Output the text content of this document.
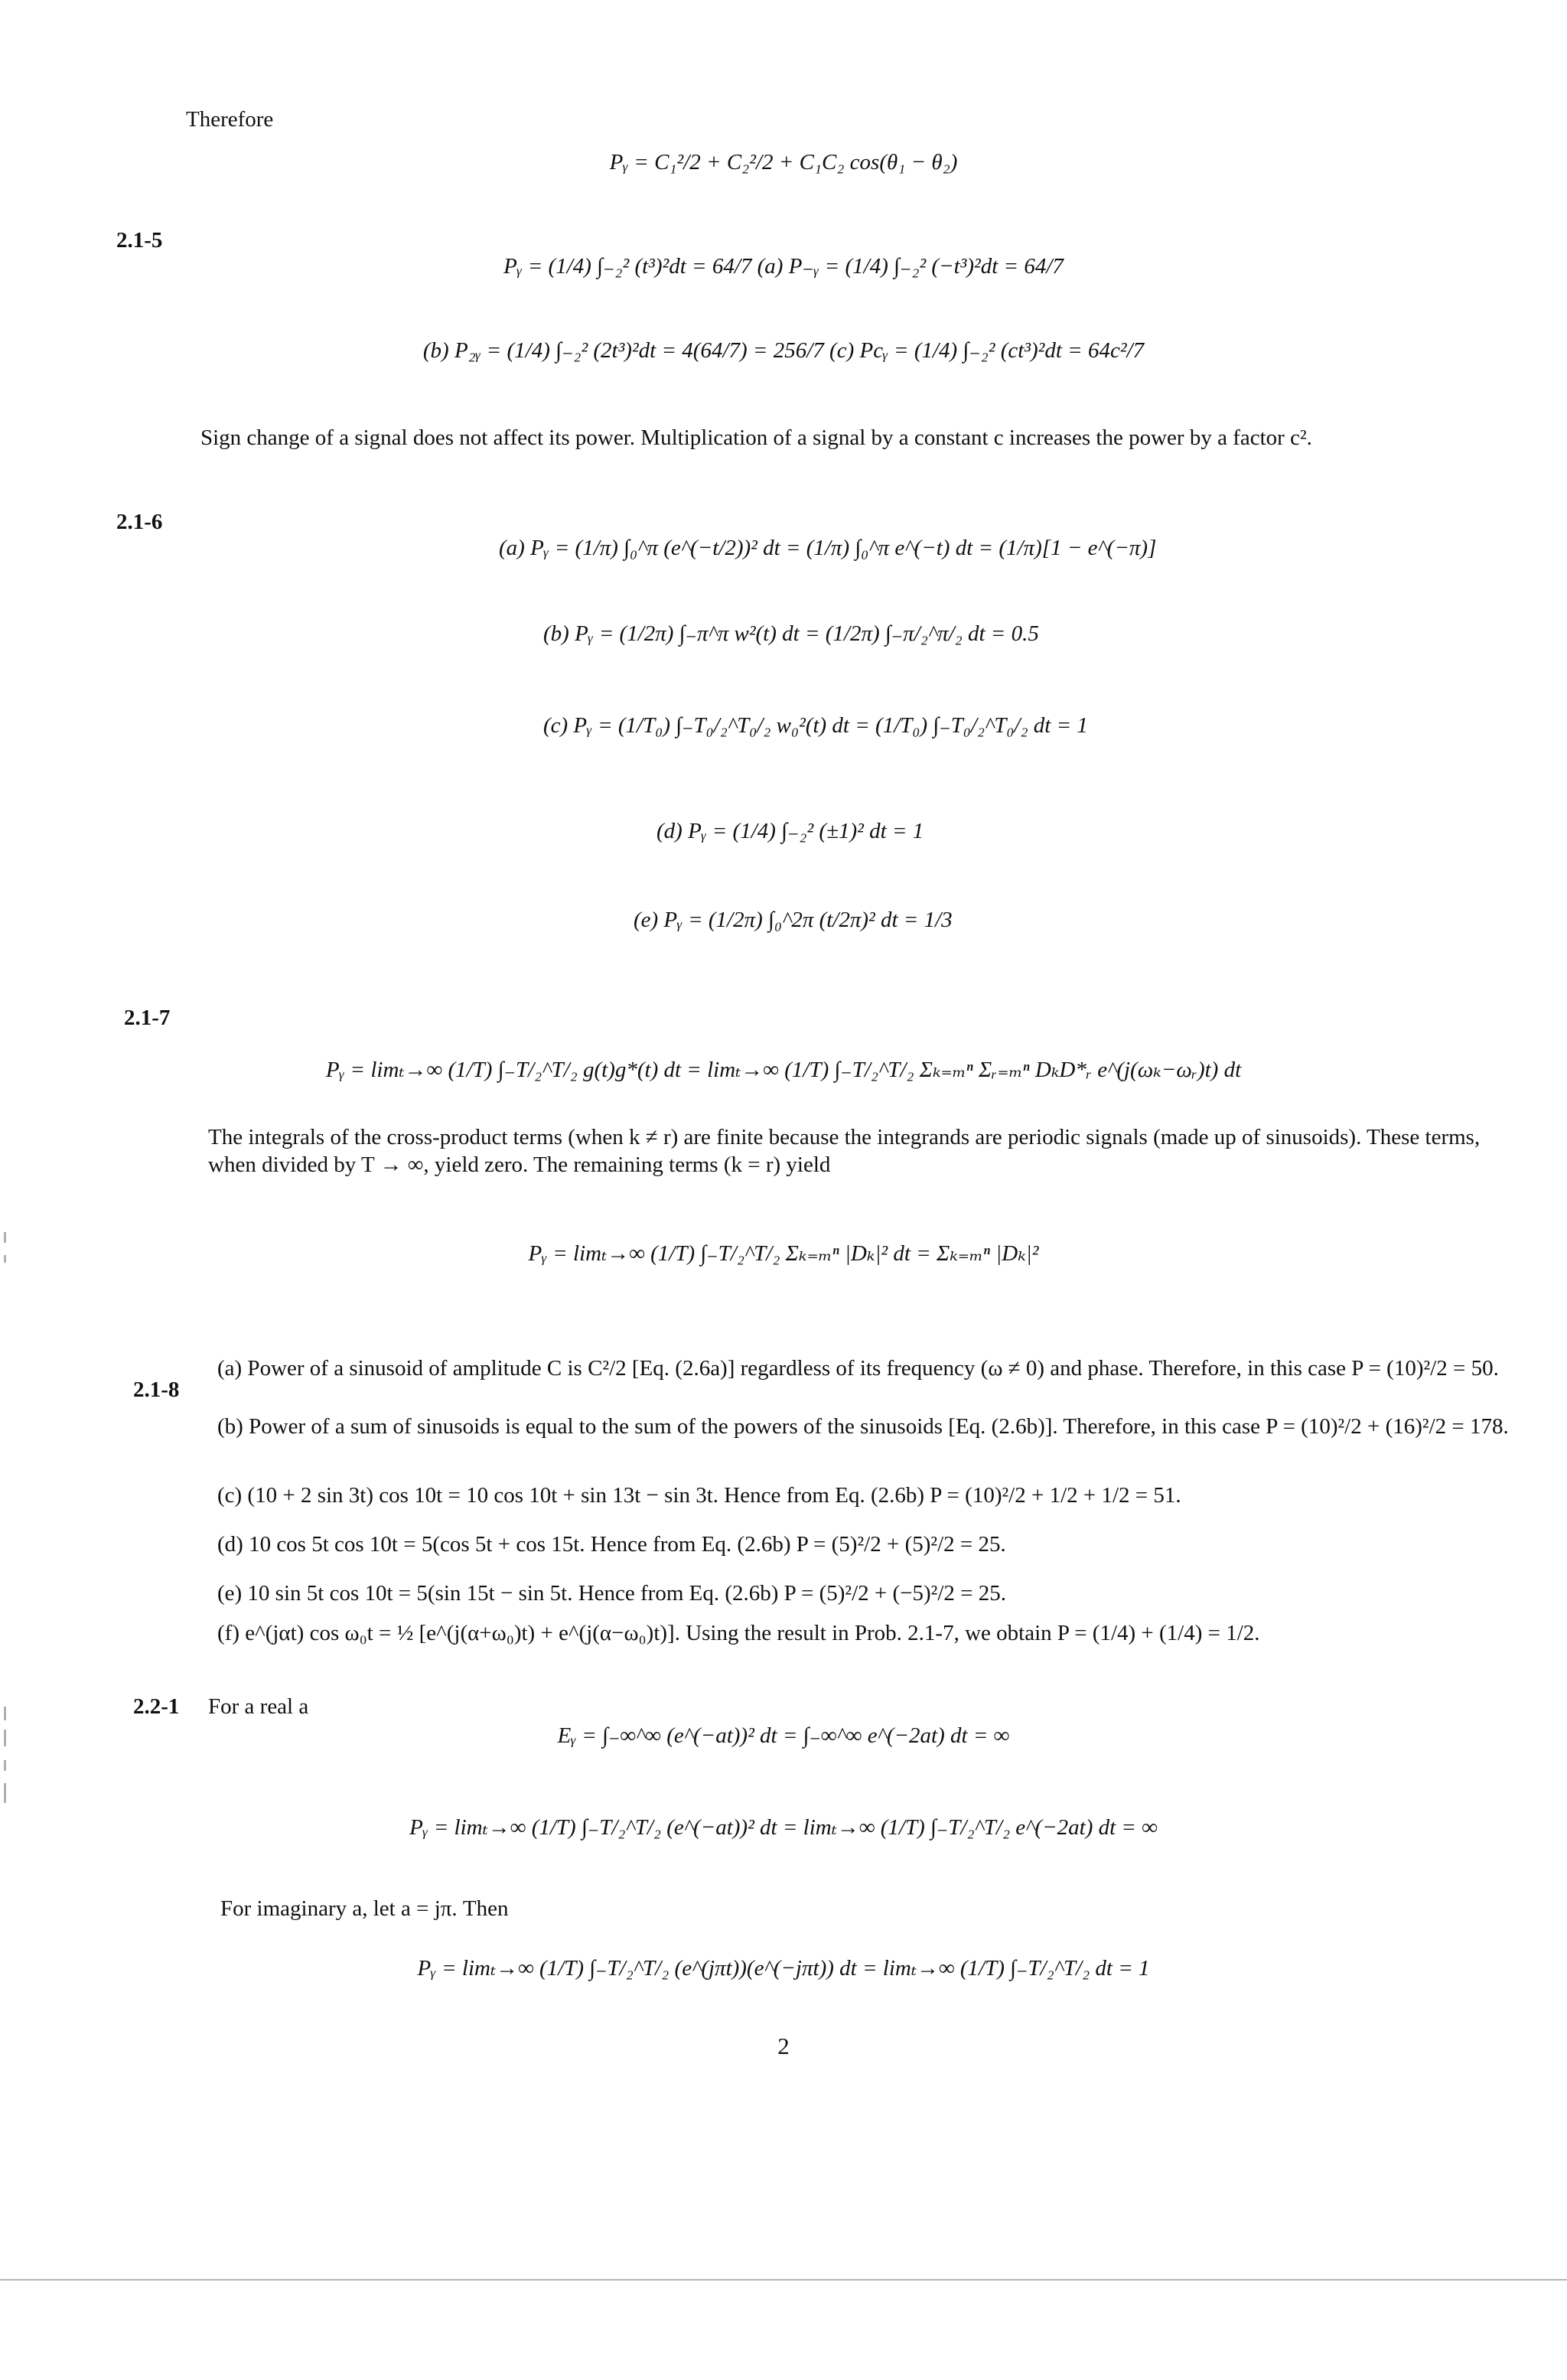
Therefore
Pᵧ = C₁²/2 + C₂²/2 + C₁C₂ cos(θ₁ − θ₂)
2.1-5
Pᵧ = (1/4) ∫₋₂² (t³)²dt = 64/7 (a) P₋ᵧ = (1/4) ∫₋₂² (−t³)²dt = 64/7
(b) P₂ᵧ = (1/4) ∫₋₂² (2t³)²dt = 4(64/7) = 256/7 (c) Pcᵧ = (1/4) ∫₋₂² (ct³)²dt = 64c²/7
Sign change of a signal does not affect its power. Multiplication of a signal by a constant c increases the power by a factor c².
2.1-6
(a) Pᵧ = (1/π) ∫₀^π (e^(−t/2))² dt = (1/π) ∫₀^π e^(−t) dt = (1/π)[1 − e^(−π)]
(b) Pᵧ = (1/2π) ∫₋π^π w²(t) dt = (1/2π) ∫₋π/₂^π/₂ dt = 0.5
(c) Pᵧ = (1/T₀) ∫₋T₀/₂^T₀/₂ w₀²(t) dt = (1/T₀) ∫₋T₀/₂^T₀/₂ dt = 1
(d) Pᵧ = (1/4) ∫₋₂² (±1)² dt = 1
(e) Pᵧ = (1/2π) ∫₀^2π (t/2π)² dt = 1/3
2.1-7
Pᵧ = limₜ→∞ (1/T) ∫₋T/₂^T/₂ g(t)g*(t) dt = limₜ→∞ (1/T) ∫₋T/₂^T/₂ Σₖ₌ₘⁿ Σᵣ₌ₘⁿ DₖD*ᵣ e^(j(ωₖ−ωᵣ)t) dt
The integrals of the cross-product terms (when k ≠ r) are finite because the integrands are periodic signals (made up of sinusoids). These terms, when divided by T → ∞, yield zero. The remaining terms (k = r) yield
Pᵧ = limₜ→∞ (1/T) ∫₋T/₂^T/₂ Σₖ₌ₘⁿ |Dₖ|² dt = Σₖ₌ₘⁿ |Dₖ|²
2.1-8
(a) Power of a sinusoid of amplitude C is C²/2 [Eq. (2.6a)] regardless of its frequency (ω ≠ 0) and phase. Therefore, in this case P = (10)²/2 = 50.
(b) Power of a sum of sinusoids is equal to the sum of the powers of the sinusoids [Eq. (2.6b)]. Therefore, in this case P = (10)²/2 + (16)²/2 = 178.
(c) (10 + 2 sin 3t) cos 10t = 10 cos 10t + sin 13t − sin 3t. Hence from Eq. (2.6b) P = (10)²/2 + 1/2 + 1/2 = 51.
(d) 10 cos 5t cos 10t = 5(cos 5t + cos 15t. Hence from Eq. (2.6b) P = (5)²/2 + (5)²/2 = 25.
(e) 10 sin 5t cos 10t = 5(sin 15t − sin 5t. Hence from Eq. (2.6b) P = (5)²/2 + (−5)²/2 = 25.
(f) e^(jαt) cos ω₀t = ½ [e^(j(α+ω₀)t) + e^(j(α−ω₀)t)]. Using the result in Prob. 2.1-7, we obtain P = (1/4) + (1/4) = 1/2.
2.2-1 For a real a
Eᵧ = ∫₋∞^∞ (e^(−at))² dt = ∫₋∞^∞ e^(−2at) dt = ∞
Pᵧ = limₜ→∞ (1/T) ∫₋T/₂^T/₂ (e^(−at))² dt = limₜ→∞ (1/T) ∫₋T/₂^T/₂ e^(−2at) dt = ∞
For imaginary a, let a = jπ. Then
Pᵧ = limₜ→∞ (1/T) ∫₋T/₂^T/₂ (e^(jπt))(e^(−jπt)) dt = limₜ→∞ (1/T) ∫₋T/₂^T/₂ dt = 1
2
